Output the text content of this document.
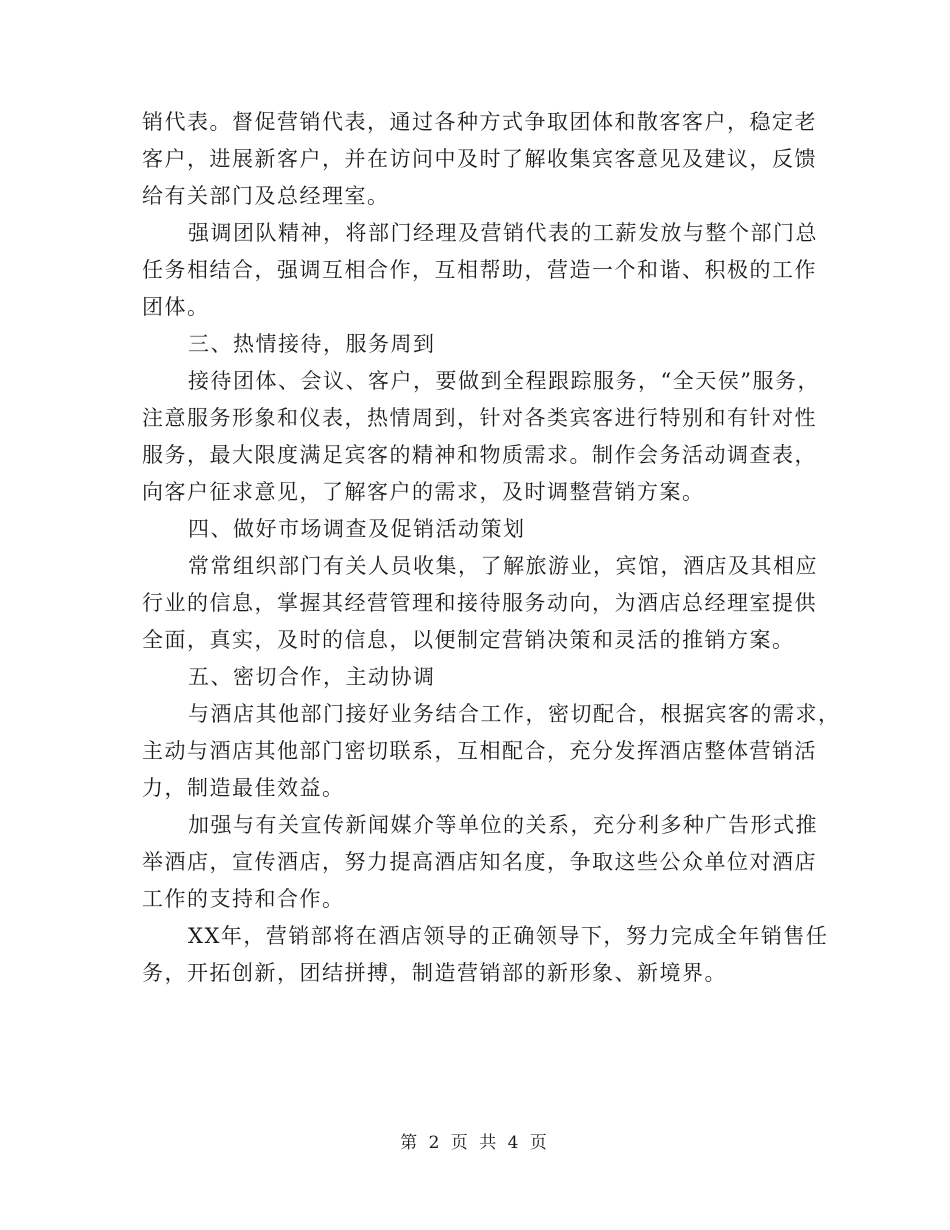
销代表。督促营销代表，通过各种方式争取团体和散客客户，稳定老
客户，进展新客户，并在访问中及时了解收集宾客意见及建议，反馈
给有关部门及总经理室。
强调团队精神，将部门经理及营销代表的工薪发放与整个部门总
任务相结合，强调互相合作，互相帮助，营造一个和谐、积极的工作
团体。
三、热情接待，服务周到
接待团体、会议、客户，要做到全程跟踪服务，“全天侯”服务，
注意服务形象和仪表，热情周到，针对各类宾客进行特别和有针对性
服务，最大限度满足宾客的精神和物质需求。制作会务活动调查表，
向客户征求意见，了解客户的需求，及时调整营销方案。
四、做好市场调查及促销活动策划
常常组织部门有关人员收集，了解旅游业，宾馆，酒店及其相应
行业的信息，掌握其经营管理和接待服务动向，为酒店总经理室提供
全面，真实，及时的信息，以便制定营销决策和灵活的推销方案。
五、密切合作，主动协调
与酒店其他部门接好业务结合工作，密切配合，根据宾客的需求，
主动与酒店其他部门密切联系，互相配合，充分发挥酒店整体营销活
力，制造最佳效益。
加强与有关宣传新闻媒介等单位的关系，充分利多种广告形式推
举酒店，宣传酒店，努力提高酒店知名度，争取这些公众单位对酒店
工作的支持和合作。
XX年，营销部将在酒店领导的正确领导下，努力完成全年销售任
务，开拓创新，团结拼搏，制造营销部的新形象、新境界。
第 2 页 共 4 页
